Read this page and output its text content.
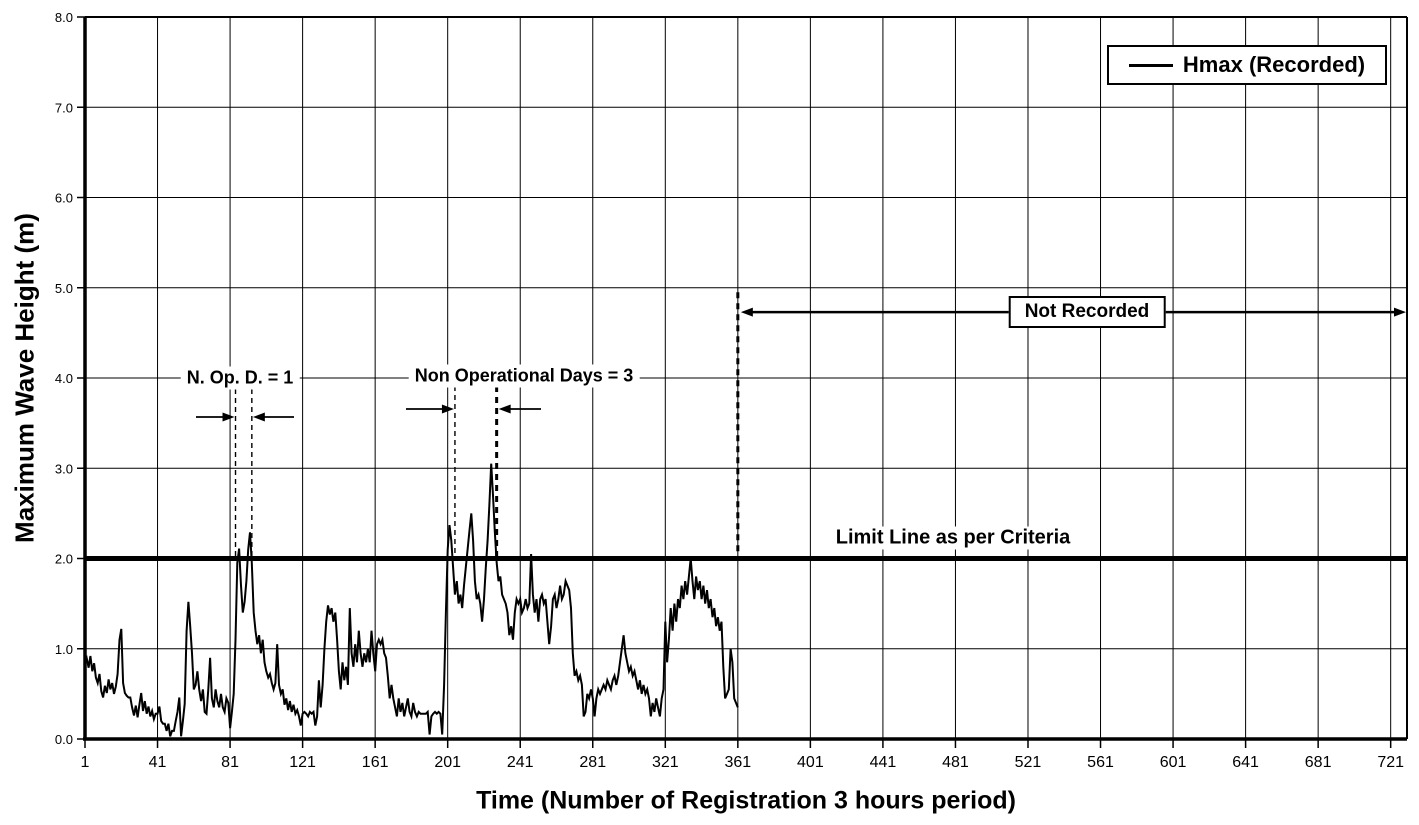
1	41	81	121	161	201	241	281	321	361	401	441	481	521	561	601	641	681	721
0.0
1.0
2.0
3.0
4.0
5.0
6.0
7.0
8.0
Maximum Wave Height (m)
Time (Number of Registration 3 hours period)
Hmax (Recorded)
N. Op. D. = 1	Non Operational Days = 3
Limit Line as per Criteria
Not Recorded
